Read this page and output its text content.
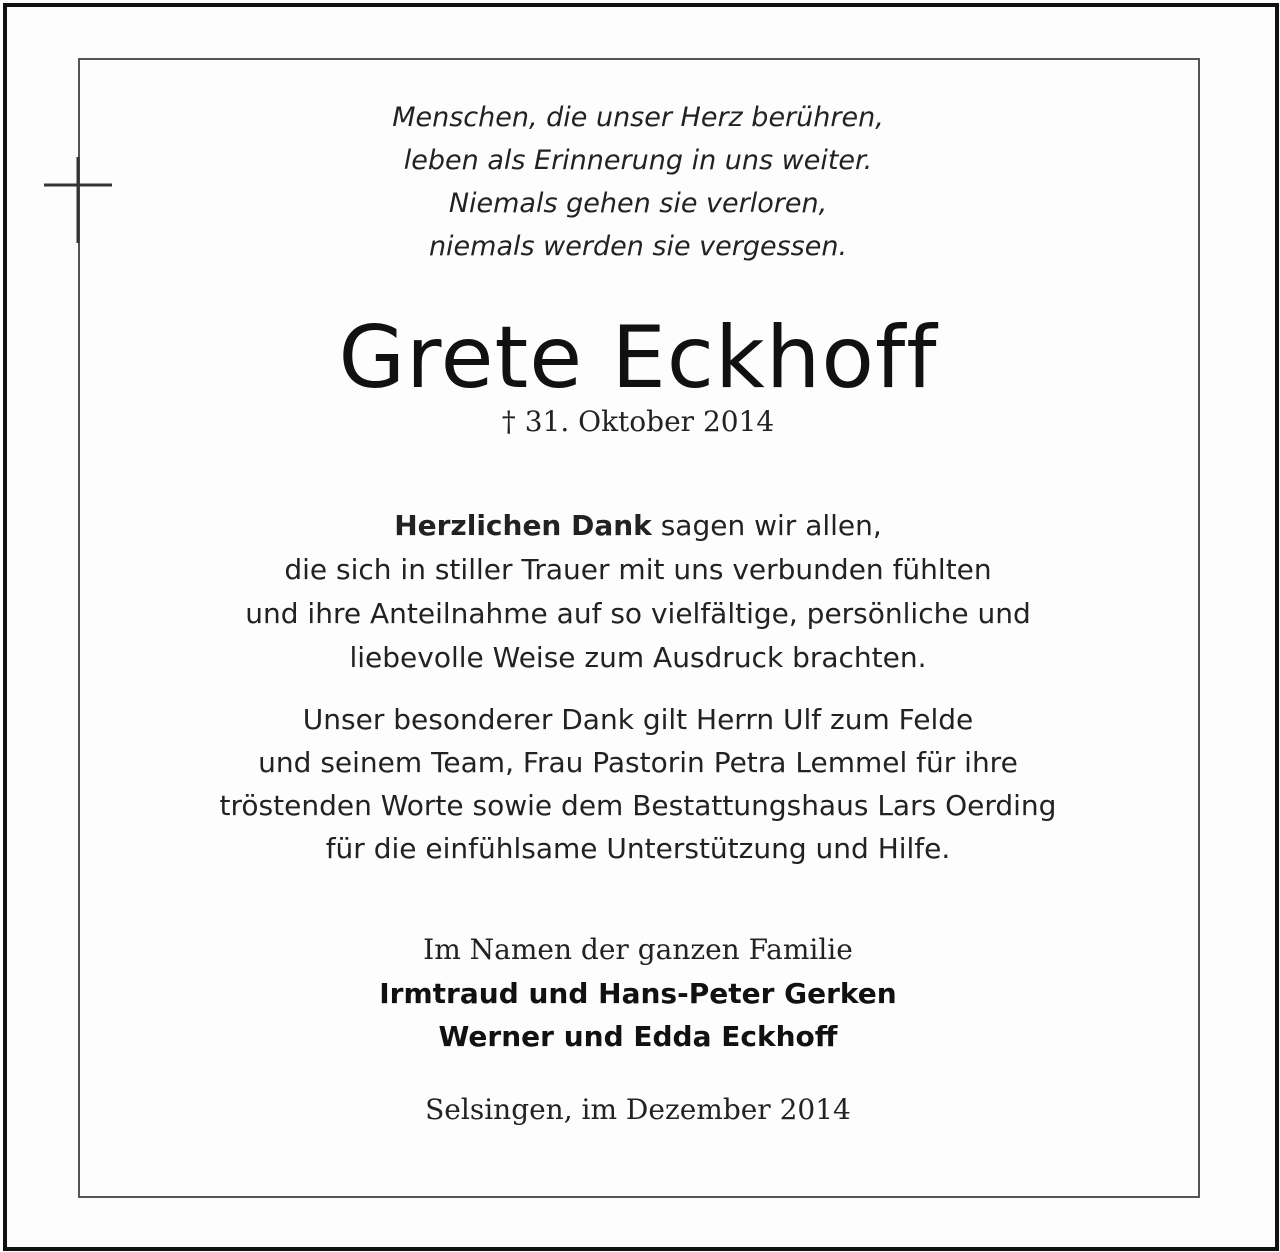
Menschen, die unser Herz berühren,
leben als Erinnerung in uns weiter.
Niemals gehen sie verloren,
niemals werden sie vergessen.
Grete Eckhoff
† 31. Oktober 2014
Herzlichen Dank sagen wir allen,
die sich in stiller Trauer mit uns verbunden fühlten
und ihre Anteilnahme auf so vielfältige, persönliche und
liebevolle Weise zum Ausdruck brachten.
Unser besonderer Dank gilt Herrn Ulf zum Felde
und seinem Team, Frau Pastorin Petra Lemmel für ihre
tröstenden Worte sowie dem Bestattungshaus Lars Oerding
für die einfühlsame Unterstützung und Hilfe.
Im Namen der ganzen Familie
Irmtraud und Hans-Peter Gerken
Werner und Edda Eckhoff
Selsingen, im Dezember 2014
